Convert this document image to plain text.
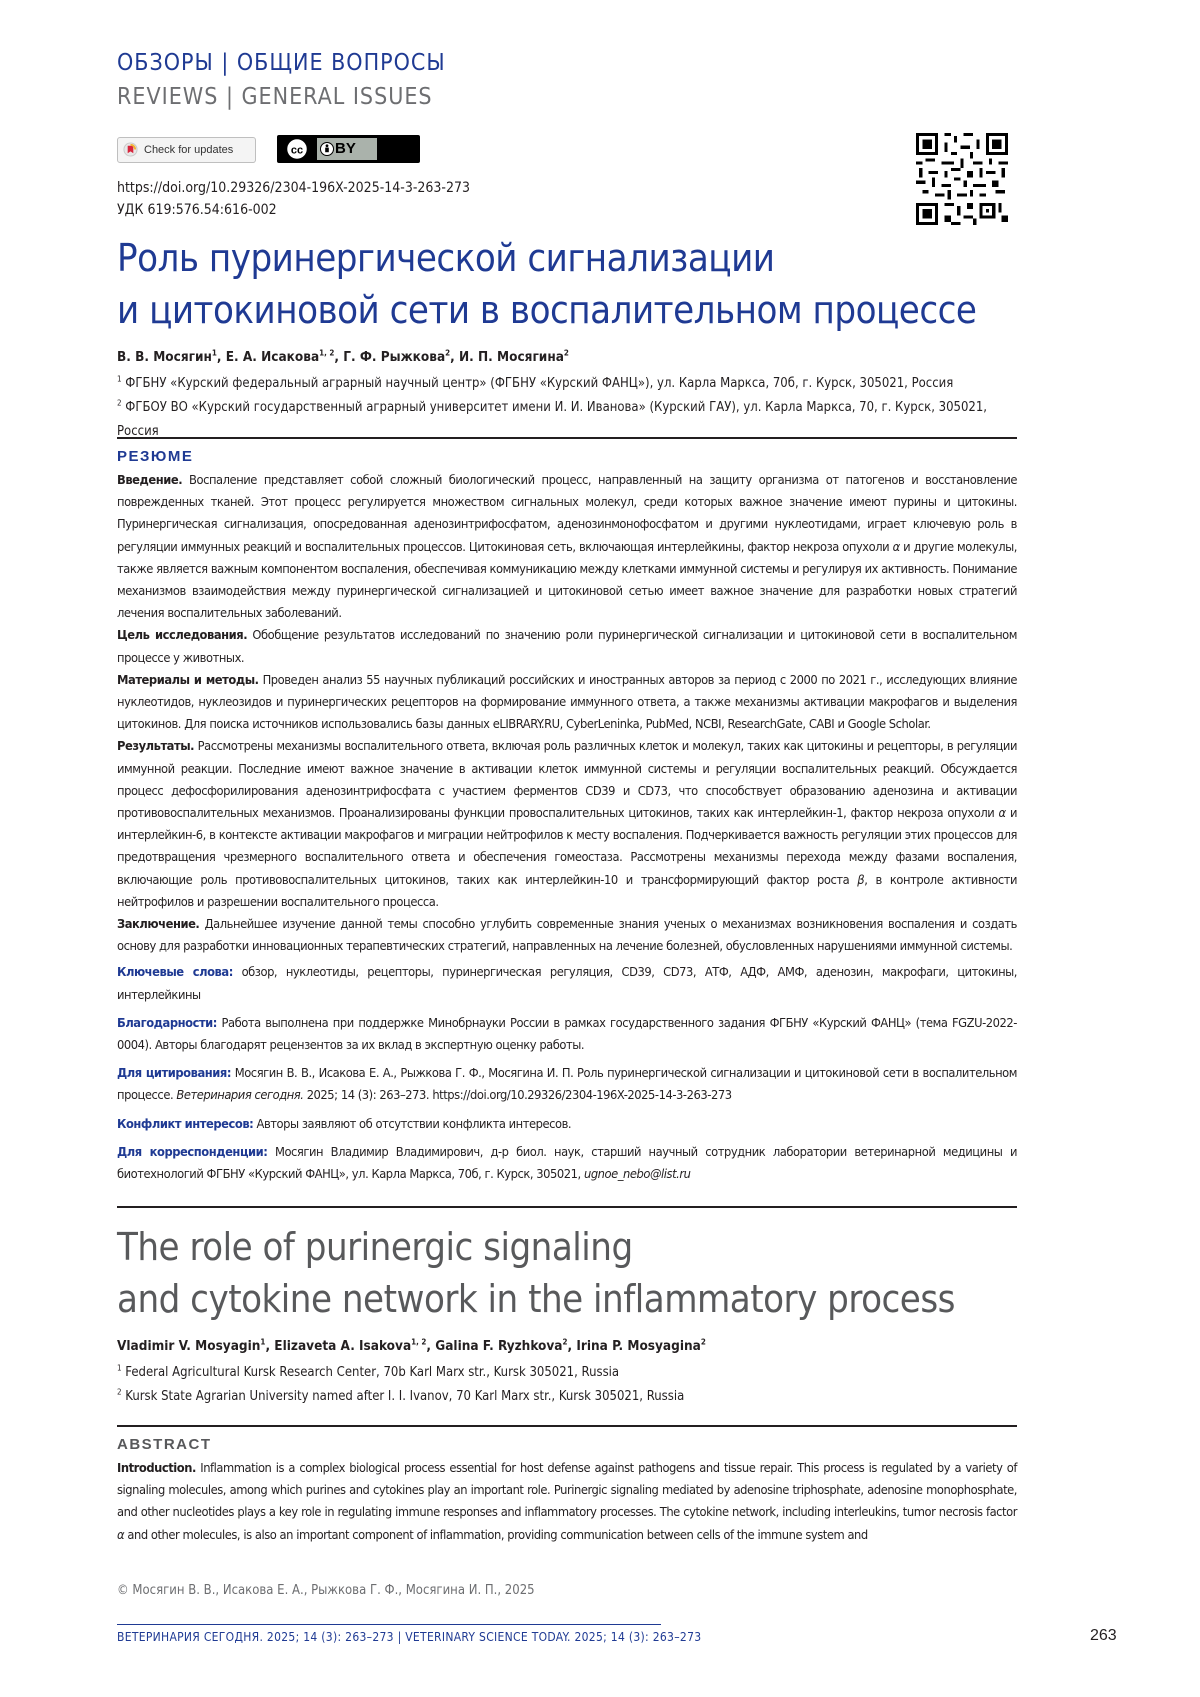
ОБЗОРЫ | ОБЩИЕ ВОПРОСЫ
REVIEWS | GENERAL ISSUES
Check for updates	cc	BY
https://doi.org/10.29326/2304-196X-2025-14-3-263-273
УДК 619:576.54:616-002
Роль пуринергической сигнализации
и цитокиновой сети в воспалительном процессе
В. В. Мосягин1, Е. А. Исакова1, 2, Г. Ф. Рыжкова2, И. П. Мосягина2
1 ФГБНУ «Курский федеральный аграрный научный центр» (ФГБНУ «Курский ФАНЦ»), ул. Карла Маркса, 70б, г. Курск, 305021, Россия
2 ФГБОУ ВО «Курский государственный аграрный университет имени И. И. Иванова» (Курский ГАУ), ул. Карла Маркса, 70, г. Курск, 305021, Россия
РЕЗЮМЕ

Введение. Воспаление представляет собой сложный биологический процесс, направленный на защиту организма от патогенов и восстановление поврежденных тканей. Этот процесс регулируется множеством сигнальных молекул, среди которых важное значение имеют пурины и цитокины. Пуринергическая сигнализация, опосредованная аденозинтрифосфатом, аденозинмонофосфатом и другими нуклеотидами, играет ключевую роль в регуляции иммунных реакций и воспалительных процессов. Цитокиновая сеть, включающая интерлейкины, фактор некроза опухоли α и другие молекулы, также является важным компонентом воспаления, обеспечивая коммуникацию между клетками иммунной системы и регулируя их активность. Понимание механизмов взаимодействия между пуринергической сигнализацией и цитокиновой сетью имеет важное значение для разработки новых стратегий лечения воспалительных заболеваний.

Цель исследования. Обобщение результатов исследований по значению роли пуринергической сигнализации и цитокиновой сети в воспалительном процессе у животных.

Материалы и методы. Проведен анализ 55 научных публикаций российских и иностранных авторов за период с 2000 по 2021 г., исследующих влияние нуклеотидов, нуклеозидов и пуринергических рецепторов на формирование иммунного ответа, а также механизмы активации макрофагов и выделения цитокинов. Для поиска источников использовались базы данных eLIBRARY.RU, CyberLeninka, PubMed, NCBI, ResearchGate, CABI и Google Scholar.

Результаты. Рассмотрены механизмы воспалительного ответа, включая роль различных клеток и молекул, таких как цитокины и рецепторы, в регуляции иммунной реакции. Последние имеют важное значение в активации клеток иммунной системы и регуляции воспалительных реакций. Обсуждается процесс дефосфорилирования аденозинтрифосфата с участием ферментов CD39 и CD73, что способствует образованию аденозина и активации противовоспалительных механизмов. Проанализированы функции провоспалительных цитокинов, таких как интерлейкин-1, фактор некроза опухоли α и интерлейкин-6, в контексте активации макрофагов и миграции нейтрофилов к месту воспаления. Подчеркивается важность регуляции этих процессов для предотвращения чрезмерного воспалительного ответа и обеспечения гомеостаза. Рассмотрены механизмы перехода между фазами воспаления, включающие роль противовоспалительных цитокинов, таких как интерлейкин-10 и трансформирующий фактор роста β, в контроле активности нейтрофилов и разрешении воспалительного процесса.

Заключение. Дальнейшее изучение данной темы способно углубить современные знания ученых о механизмах возникновения воспаления и создать основу для разработки инновационных терапевтических стратегий, направленных на лечение болезней, обусловленных нарушениями иммунной системы.

Ключевые слова: обзор, нуклеотиды, рецепторы, пуринергическая регуляция, CD39, CD73, АТФ, АДФ, АМФ, аденозин, макрофаги, цитокины, интерлейкины

Благодарности: Работа выполнена при поддержке Минобрнауки России в рамках государственного задания ФГБНУ «Курский ФАНЦ» (тема FGZU-2022-0004). Авторы благодарят рецензентов за их вклад в экспертную оценку работы.

Для цитирования: Мосягин В. В., Исакова Е. А., Рыжкова Г. Ф., Мосягина И. П. Роль пуринергической сигнализации и цитокиновой сети в воспалительном процессе. Ветеринария сегодня. 2025; 14 (3): 263–273. https://doi.org/10.29326/2304-196X-2025-14-3-263-273

Конфликт интересов: Авторы заявляют об отсутствии конфликта интересов.

Для корреспонденции: Мосягин Владимир Владимирович, д-р биол. наук, старший научный сотрудник лаборатории ветеринарной медицины и биотехнологий ФГБНУ «Курский ФАНЦ», ул. Карла Маркса, 70б, г. Курск, 305021, ugnoe_nebo@list.ru

The role of purinergic signaling
and cytokine network in the inflammatory process
Vladimir V. Mosyagin1, Elizaveta A. Isakova1, 2, Galina F. Ryzhkova2, Irina P. Mosyagina2
1 Federal Agricultural Kursk Research Center, 70b Karl Marx str., Kursk 305021, Russia
2 Kursk State Agrarian University named after I. I. Ivanov, 70 Karl Marx str., Kursk 305021, Russia
ABSTRACT

Introduction. Inflammation is a complex biological process essential for host defense against pathogens and tissue repair. This process is regulated by a variety of signaling molecules, among which purines and cytokines play an important role. Purinergic signaling mediated by adenosine triphosphate, adenosine monophosphate, and other nucleotides plays a key role in regulating immune responses and inflammatory processes. The cytokine network, including interleukins, tumor necrosis factor α and other molecules, is also an important component of inflammation, providing communication between cells of the immune system and

© Мосягин В. В., Исакова Е. А., Рыжкова Г. Ф., Мосягина И. П., 2025
ВЕТЕРИНАРИЯ СЕГОДНЯ. 2025; 14 (3): 263–273 | VETERINARY SCIENCE TODAY. 2025; 14 (3): 263–273	263
